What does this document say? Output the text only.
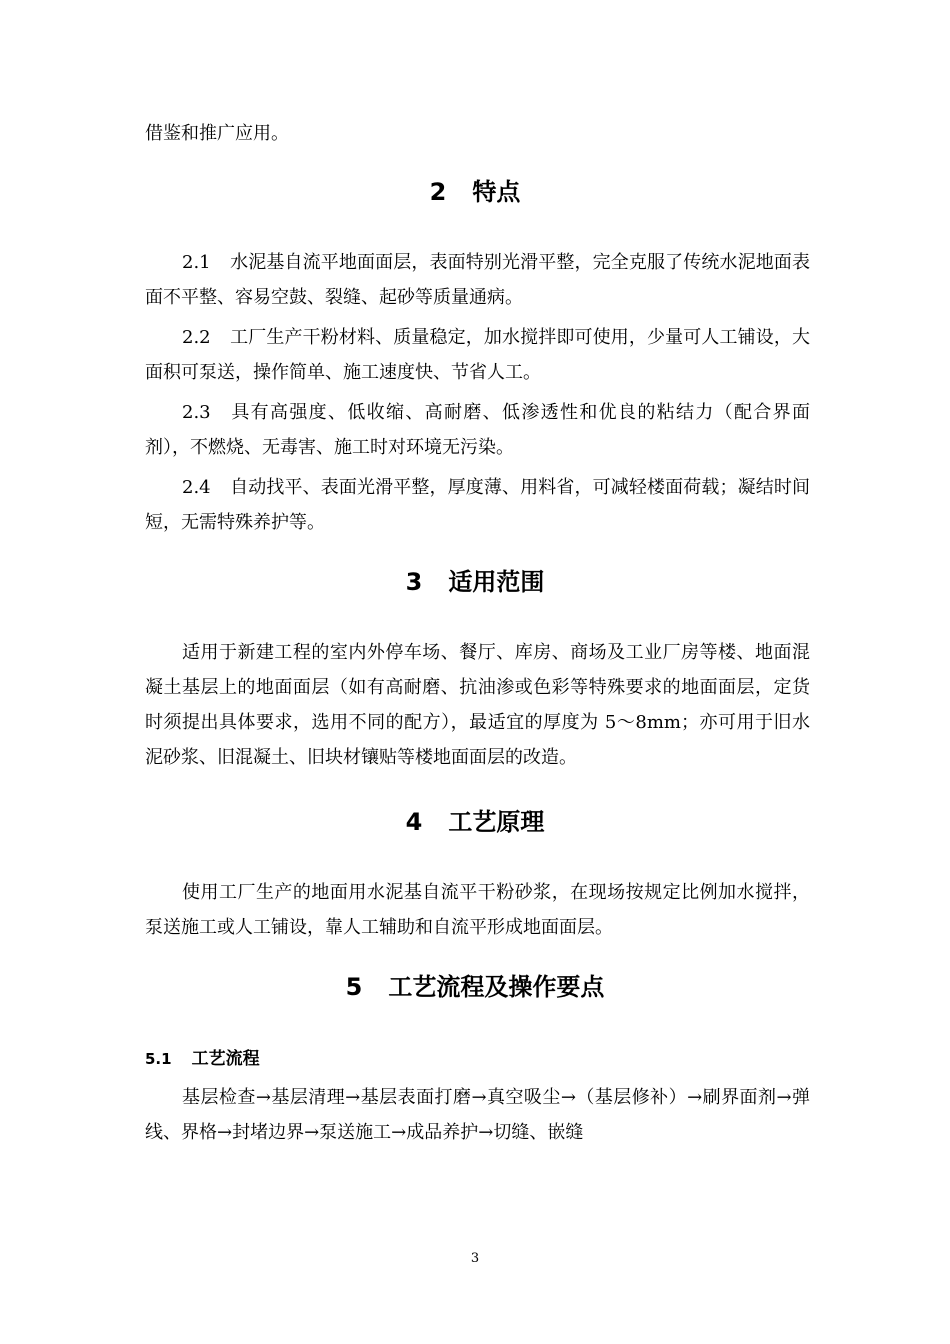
借鉴和推广应用。

2 特点

2.1 水泥基自流平地面面层，表面特别光滑平整，完全克服了传统水泥地面表面不平整、容易空鼓、裂缝、起砂等质量通病。

2.2 工厂生产干粉材料、质量稳定，加水搅拌即可使用，少量可人工铺设，大面积可泵送，操作简单、施工速度快、节省人工。

2.3 具有高强度、低收缩、高耐磨、低渗透性和优良的粘结力（配合界面剂），不燃烧、无毒害、施工时对环境无污染。

2.4 自动找平、表面光滑平整，厚度薄、用料省，可减轻楼面荷载；凝结时间短，无需特殊养护等。

3 适用范围

适用于新建工程的室内外停车场、餐厅、库房、商场及工业厂房等楼、地面混凝土基层上的地面面层（如有高耐磨、抗油渗或色彩等特殊要求的地面面层，定货时须提出具体要求，选用不同的配方），最适宜的厚度为 5～8mm；亦可用于旧水泥砂浆、旧混凝土、旧块材镶贴等楼地面面层的改造。

4 工艺原理

使用工厂生产的地面用水泥基自流平干粉砂浆，在现场按规定比例加水搅拌，泵送施工或人工铺设，靠人工辅助和自流平形成地面面层。

5 工艺流程及操作要点
5.1 工艺流程

基层检查→基层清理→基层表面打磨→真空吸尘→（基层修补）→刷界面剂→弹线、界格→封堵边界→泵送施工→成品养护→切缝、嵌缝

3
